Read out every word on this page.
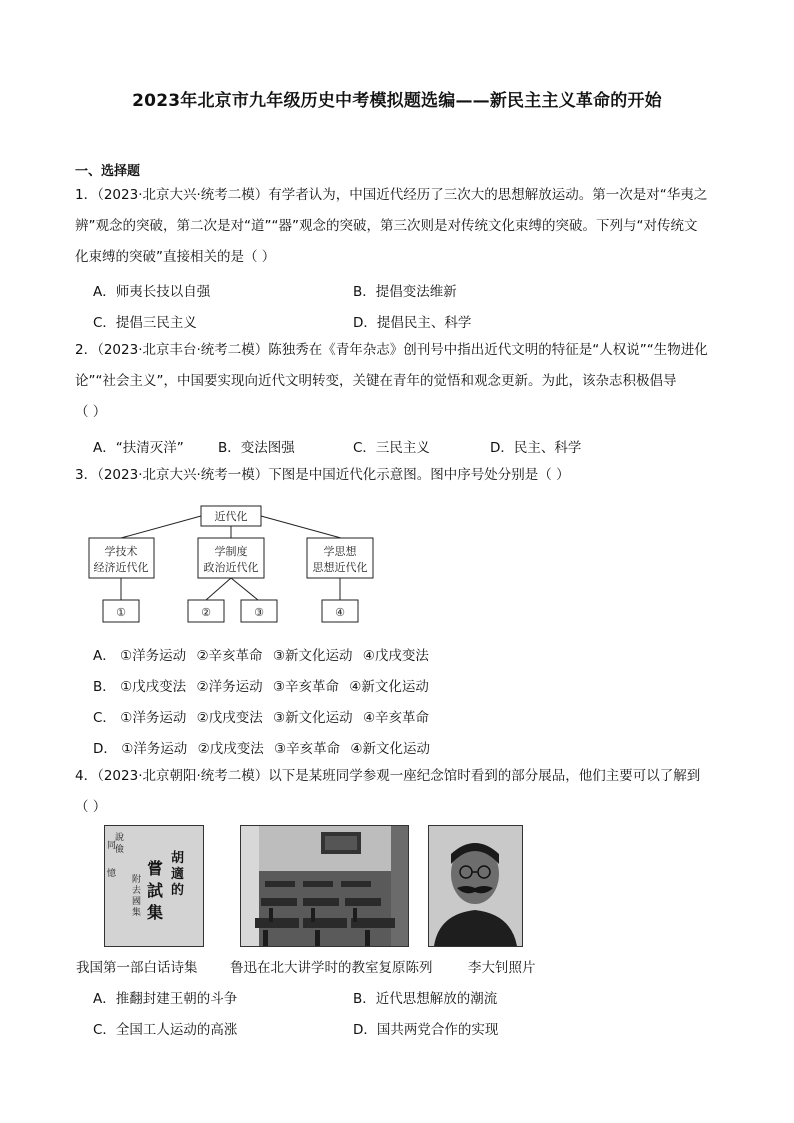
2023年北京市九年级历史中考模拟题选编——新民主主义革命的开始
一、选择题
1．（2023·北京大兴·统考二模）有学者认为，中国近代经历了三次大的思想解放运动。第一次是对“华夷之
辨”观念的突破，第二次是对“道”“器”观念的突破，第三次则是对传统文化束缚的突破。下列与“对传统文
化束缚的突破”直接相关的是（ ）
A．师夷长技以自强	B．提倡变法维新
C．提倡三民主义	D．提倡民主、科学
2．（2023·北京丰台·统考二模）陈独秀在《青年杂志》创刊号中指出近代文明的特征是“人权说”“生物进化
论”“社会主义”，中国要实现向近代文明转变，关键在青年的觉悟和观念更新。为此，该杂志积极倡导
（ ）
A．“扶清灭洋”	B．变法图强	C．三民主义	D．民主、科学
3．（2023·北京大兴·统考一模）下图是中国近代化示意图。图中序号处分别是（ ）
近代化
学技术
经济近代化
学制度
政治近代化
学思想
思想近代化
①	②	③	④
A． ①洋务运动 ②辛亥革命 ③新文化运动 ④戊戌变法
B． ①戊戌变法 ②洋务运动 ③辛亥革命 ④新文化运动
C． ①洋务运动 ②戊戌变法 ③新文化运动 ④辛亥革命
D． ①洋务运动 ②戊戌变法 ③辛亥革命 ④新文化运动
4．（2023·北京朝阳·统考二模）以下是某班同学参观一座纪念馆时看到的部分展品，他们主要可以了解到
（ ）
說
儉
同
憶 嘗
試
集
胡
適
的
附
去
國
集
我国第一部白话诗集 鲁迅在北大讲学时的教室复原陈列	李大钊照片
A．推翻封建王朝的斗争	B．近代思想解放的潮流
C．全国工人运动的高涨	D．国共两党合作的实现
